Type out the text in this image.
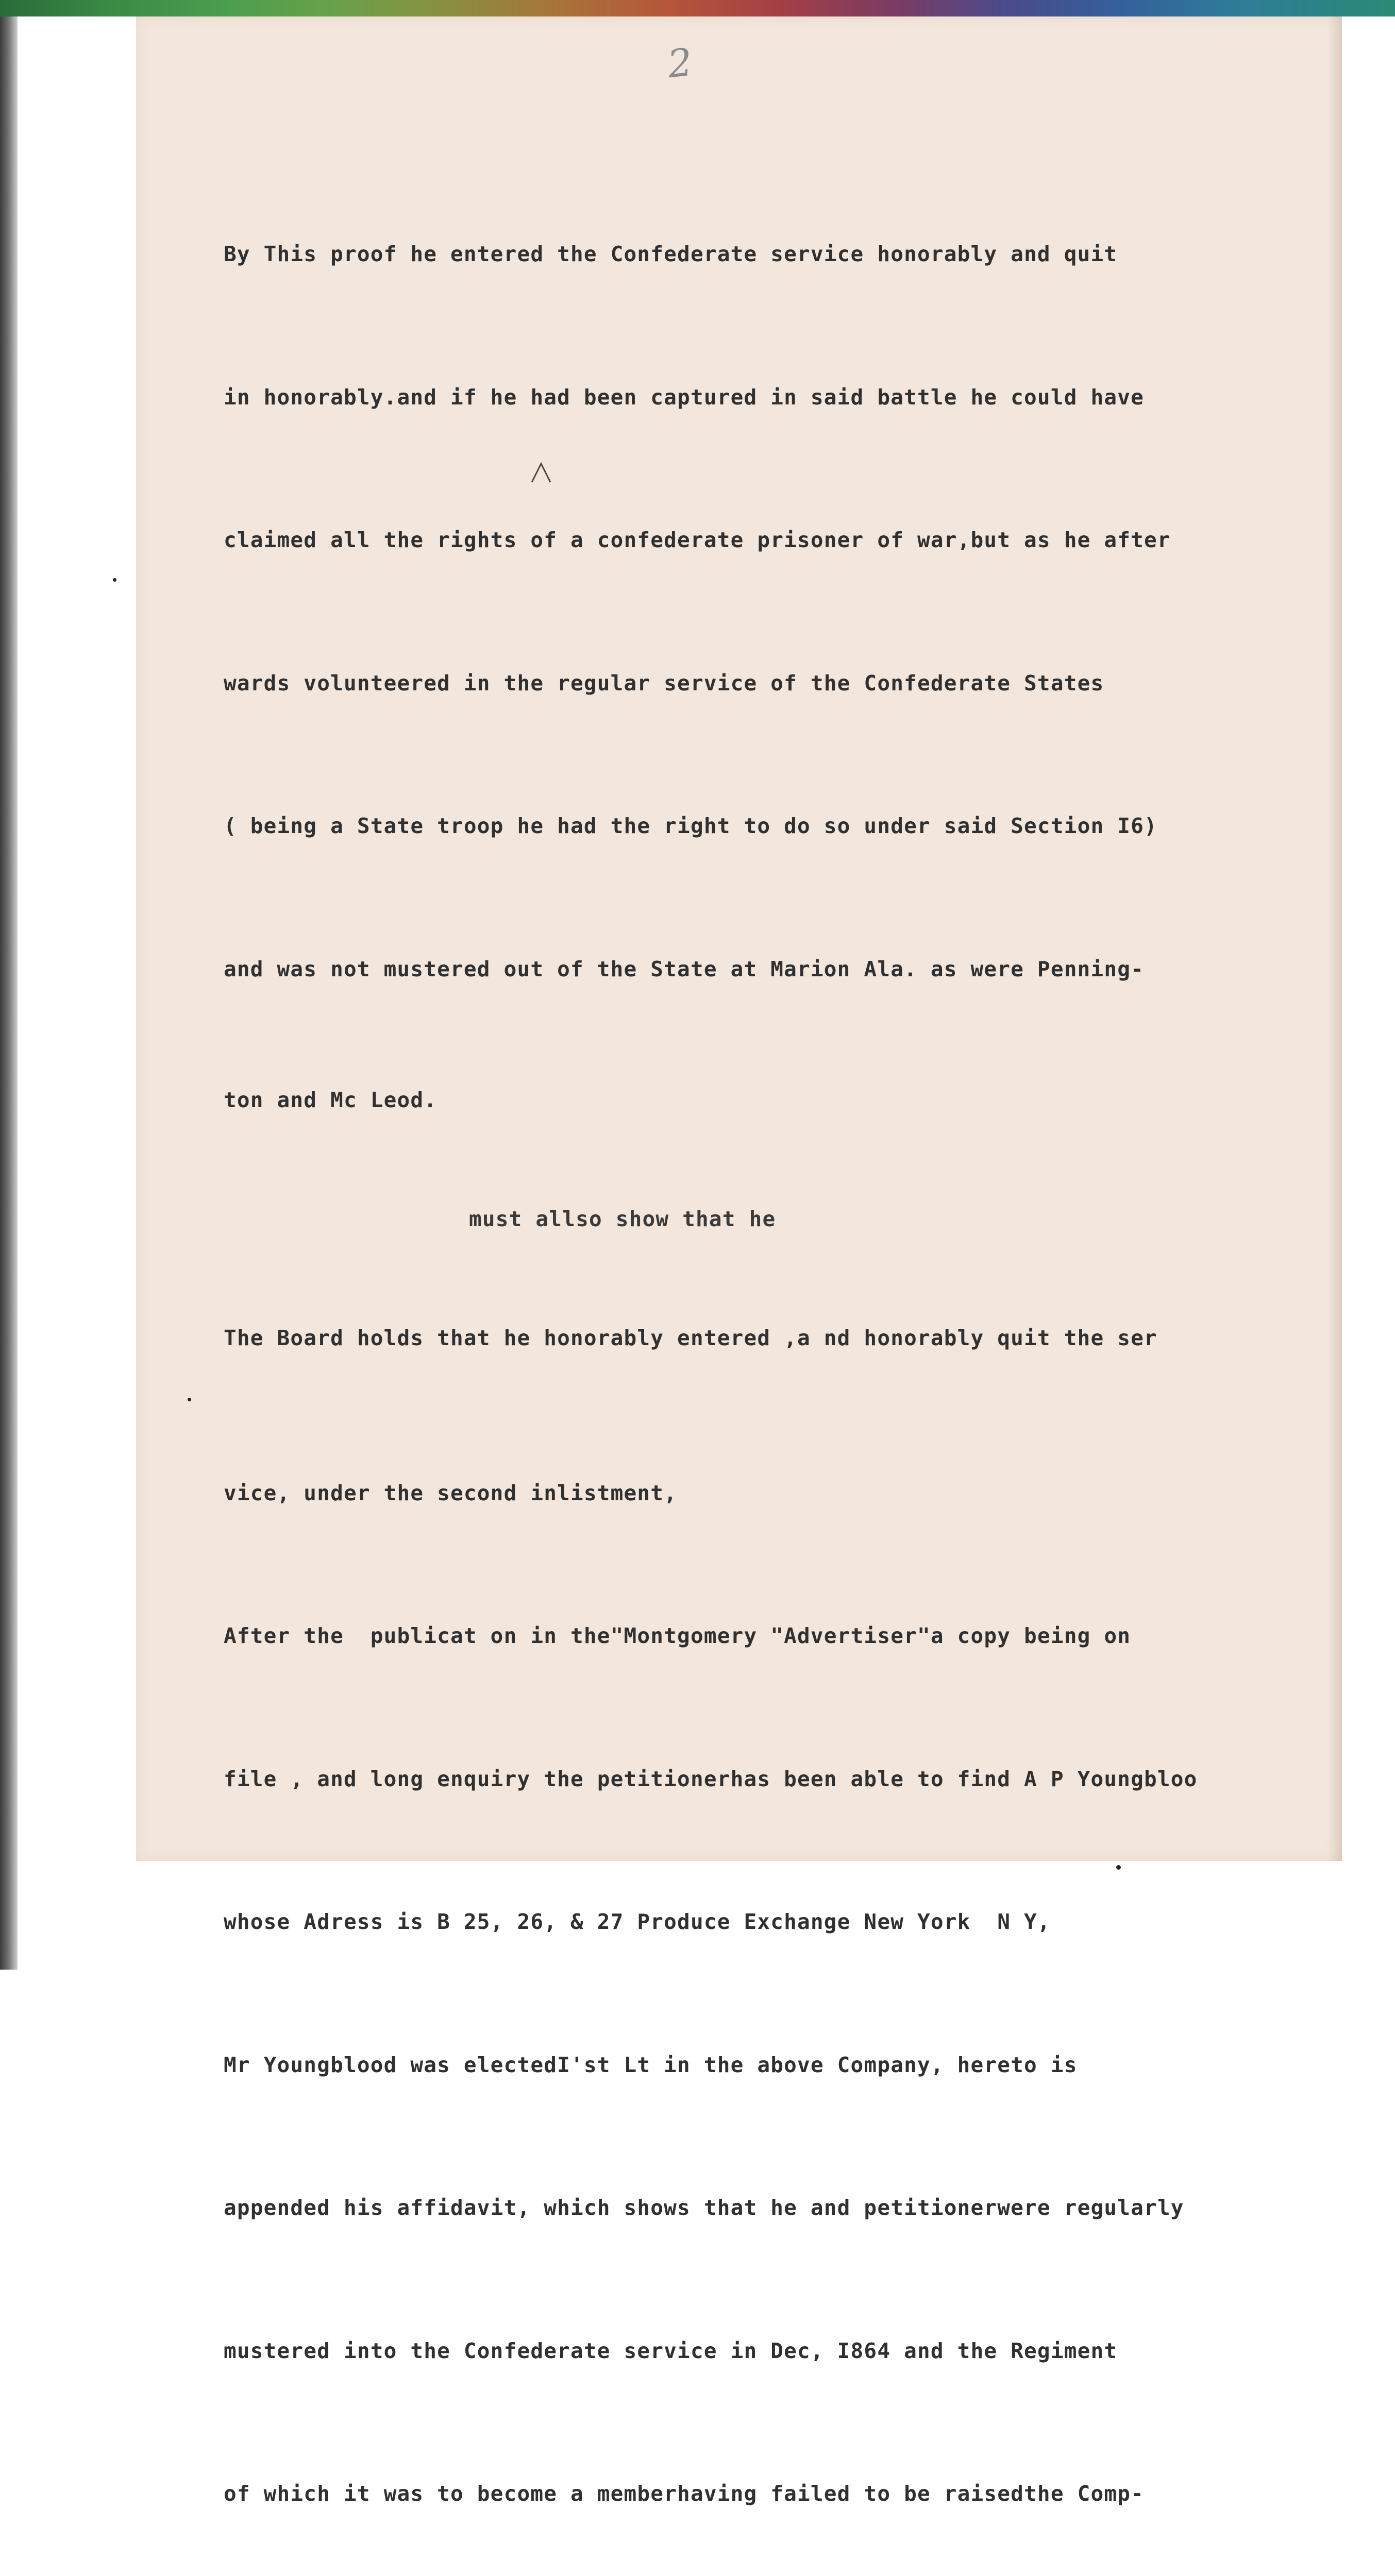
2

By This proof he entered the Confederate service honorably and quit

in honorably.and if he had been captured in said battle he could have

claimed all the rights of a confederate prisoner of war,but as he after

wards volunteered in the regular service of the Confederate States

( being a State troop he had the right to do so under said Section I6)

and was not mustered out of the State at Marion Ala. as were Penning-

ton and Mc Leod.

must allso show that he

The Board holds that he honorably entered ,a nd honorably quit the ser

vice, under the second inlistment,

After the  publicat on in the"Montgomery "Advertiser"a copy being on

file , and long enquiry the petitionerhas been able to find A P Youngbloo

whose Adress is B 25, 26, & 27 Produce Exchange New York  N Y,

Mr Youngblood was electedI'st Lt in the above Company, hereto is

appended his affidavit, which shows that he and petitionerwere regularly

mustered into the Confederate service in Dec, I864 and the Regiment

of which it was to become a memberhaving failed to be raisedthe Comp-
